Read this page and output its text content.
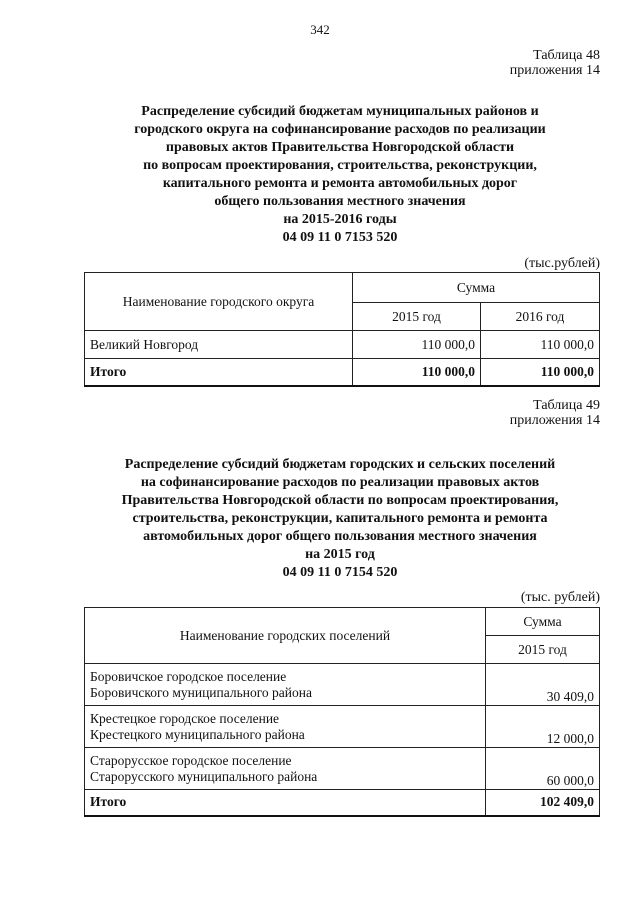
342
Таблица 48
приложения 14
Распределение субсидий бюджетам муниципальных районов и
городского округа на софинансирование расходов по реализации
правовых актов Правительства Новгородской области
по вопросам проектирования, строительства, реконструкции,
капитального ремонта и ремонта автомобильных дорог
общего пользования местного значения
на 2015-2016 годы
04 09 11 0 7153 520
(тыс.рублей)
Наименование городского округа	Сумма	
	2015 год	2016 год
Великий Новгород	110 000,0	110 000,0
Итого	110 000,0	110 000,0
Таблица 49
приложения 14
Распределение субсидий бюджетам городских и сельских поселений
на софинансирование расходов по реализации правовых актов
Правительства Новгородской области по вопросам проектирования,
строительства, реконструкции, капитального ремонта и ремонта
автомобильных дорог общего пользования местного значения
на 2015 год
04 09 11 0 7154 520
(тыс. рублей)
Наименование городских поселений	Сумма
	2015 год

Боровичское городское поселение
Боровичского муниципального района	30 409,0

Крестецкое городское поселение
Крестецкого муниципального района	12 000,0

Старорусское городское поселение
Старорусского муниципального района	60 000,0
Итого	102 409,0
